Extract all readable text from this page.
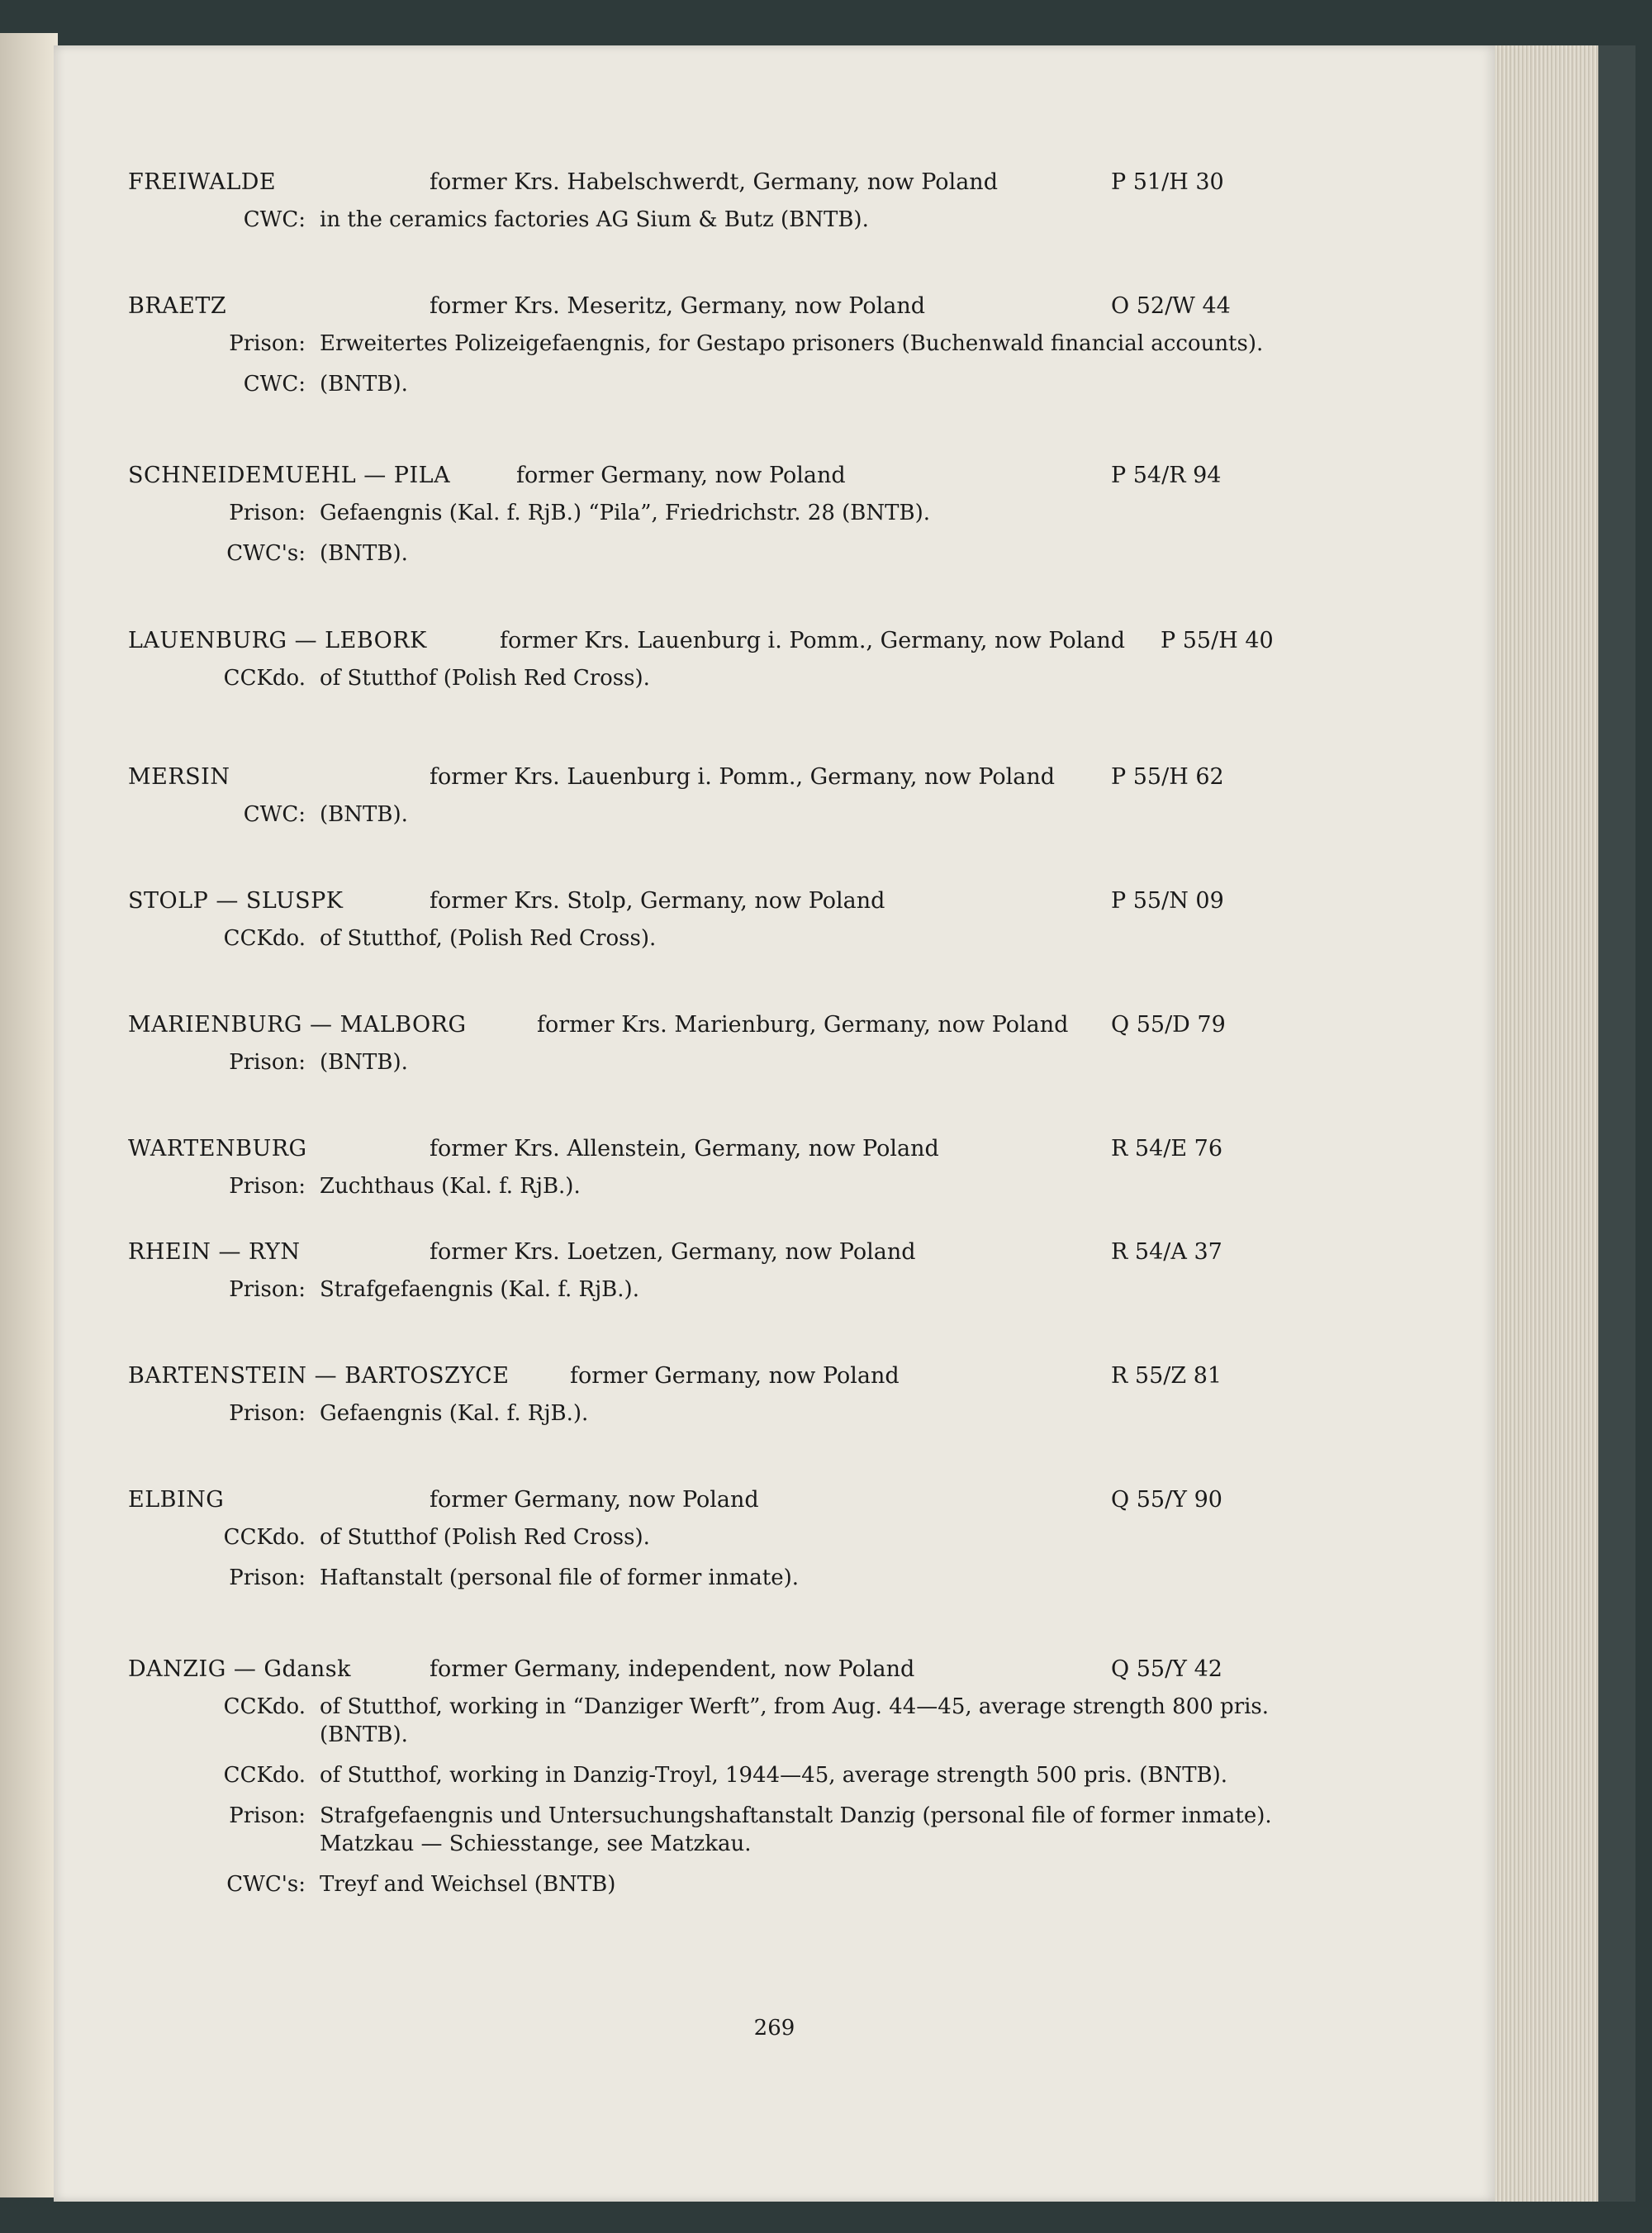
FREIWALDE	former Krs. Habelschwerdt, Germany, now Poland	P 51/H 30
CWC: in the ceramics factories AG Sium & Butz (BNTB).
BRAETZ	former Krs. Meseritz, Germany, now Poland	O 52/W 44
Prison: Erweitertes Polizeigefaengnis, for Gestapo prisoners (Buchenwald financial accounts).
CWC: (BNTB).
SCHNEIDEMUEHL — PILA	former Germany, now Poland	P 54/R 94
Prison: Gefaengnis (Kal. f. RjB.) “Pila”, Friedrichstr. 28 (BNTB).
CWC's: (BNTB).
LAUENBURG — LEBORK	former Krs. Lauenburg i. Pomm., Germany, now Poland P 55/H 40
CCKdo. of Stutthof (Polish Red Cross).
MERSIN	former Krs. Lauenburg i. Pomm., Germany, now Poland	P 55/H 62
CWC: (BNTB).
STOLP — SLUSPK	former Krs. Stolp, Germany, now Poland	P 55/N 09
CCKdo. of Stutthof, (Polish Red Cross).
MARIENBURG — MALBORG	former Krs. Marienburg, Germany, now Poland Q 55/D 79
Prison: (BNTB).
WARTENBURG	former Krs. Allenstein, Germany, now Poland	R 54/E 76
Prison: Zuchthaus (Kal. f. RjB.).
RHEIN — RYN	former Krs. Loetzen, Germany, now Poland	R 54/A 37
Prison: Strafgefaengnis (Kal. f. RjB.).
BARTENSTEIN — BARTOSZYCE	former Germany, now Poland	R 55/Z 81
Prison: Gefaengnis (Kal. f. RjB.).
ELBING	former Germany, now Poland	Q 55/Y 90
CCKdo. of Stutthof (Polish Red Cross).
Prison: Haftanstalt (personal file of former inmate).
DANZIG — Gdansk	former Germany, independent, now Poland	Q 55/Y 42
CCKdo. of Stutthof, working in “Danziger Werft”, from Aug. 44—45, average strength 800 pris.
(BNTB).
CCKdo. of Stutthof, working in Danzig-Troyl, 1944—45, average strength 500 pris. (BNTB).
Prison: Strafgefaengnis und Untersuchungshaftanstalt Danzig (personal file of former inmate).
Matzkau — Schiesstange, see Matzkau.
CWC's: Treyf and Weichsel (BNTB)
269
